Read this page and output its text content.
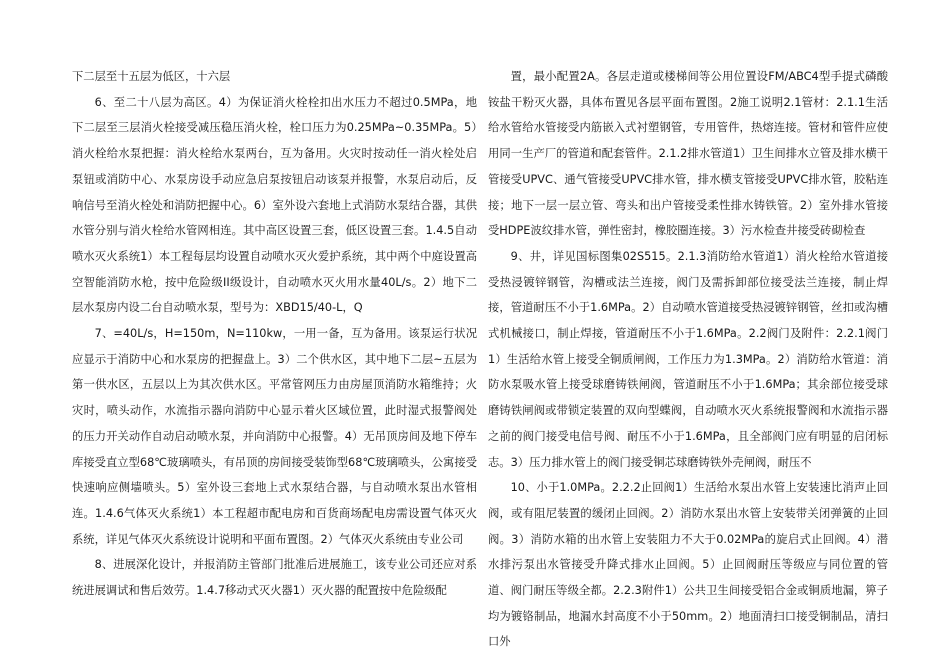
下二层至十五层为低区，十六层

6、至二十八层为高区。4）为保证消火栓栓扣出水压力不超过0.5MPa，地下二层至三层消火栓接受减压稳压消火栓，栓口压力为0.25MPa~0.35MPa。5）消火栓给水泵把握：消火栓给水泵两台，互为备用。火灾时按动任一消火栓处启泵钮或消防中心、水泵房设手动应急启泵按钮启动该泵并报警，水泵启动后，反响信号至消火栓处和消防把握中心。6）室外设六套地上式消防水泵结合器，其供水管分别与消火栓给水管网相连。其中高区设置三套，低区设置三套。1.4.5自动喷水灭火系统1）本工程每层均设置自动喷水灭火爱护系统，其中两个中庭设置高空智能消防水枪，按中危险级II级设计，自动喷水灭火用水量40L/s。2）地下二层水泵房内设二台自动喷水泵，型号为：XBD15/40-L，Q

7、=40L/s，H=150m，N=110kw，一用一备，互为备用。该泵运行状况应显示于消防中心和水泵房的把握盘上。3）二个供水区，其中地下二层~五层为第一供水区，五层以上为其次供水区。平常管网压力由房屋顶消防水箱维持；火灾时，喷头动作，水流指示器向消防中心显示着火区域位置，此时湿式报警阀处的压力开关动作自动启动喷水泵，并向消防中心报警。4）无吊顶房间及地下停车库接受直立型68℃玻璃喷头，有吊顶的房间接受装饰型68℃玻璃喷头，公寓接受快速响应侧墙喷头。5）室外设三套地上式水泵结合器，与自动喷水泵出水管相连。1.4.6气体灭火系统1）本工程超市配电房和百货商场配电房需设置气体灭火系统，详见气体灭火系统设计说明和平面布置图。2）气体灭火系统由专业公司

8、进展深化设计，并报消防主管部门批准后进展施工，该专业公司还应对系统进展调试和售后效劳。1.4.7移动式灭火器1）灭火器的配置按中危险级配

置，最小配置2A。各层走道或楼梯间等公用位置设FM/ABC4型手提式磷酸铵盐干粉灭火器，具体布置见各层平面布置图。2施工说明2.1管材：2.1.1生活给水管给水管接受内筋嵌入式衬塑钢管，专用管件，热熔连接。管材和管件应使用同一生产厂的管道和配套管件。2.1.2排水管道1）卫生间排水立管及排水横干管接受UPVC、通气管接受UPVC排水管，排水横支管接受UPVC排水管，胶粘连接；地下一层一层立管、弯头和出户管接受柔性排水铸铁管。2）室外排水管接受HDPE波纹排水管，弹性密封，橡胶圈连接。3）污水检查井接受砖砌检查

9、井，详见国标图集02S515。2.1.3消防给水管道1）消火栓给水管道接受热浸镀锌钢管，沟槽或法兰连接，阀门及需拆卸部位接受法兰连接，制止焊接，管道耐压不小于1.6MPa。2）自动喷水管道接受热浸镀锌钢管，丝扣或沟槽式机械接口，制止焊接，管道耐压不小于1.6MPa。2.2阀门及附件：2.2.1阀门1）生活给水管上接受全铜质闸阀，工作压力为1.3MPa。2）消防给水管道：消防水泵吸水管上接受球磨铸铁闸阀，管道耐压不小于1.6MPa；其余部位接受球磨铸铁闸阀或带锁定装置的双向型蝶阀，自动喷水灭火系统报警阀和水流指示器之前的阀门接受电信号阀、耐压不小于1.6MPa，且全部阀门应有明显的启闭标志。3）压力排水管上的阀门接受铜芯球磨铸铁外壳闸阀，耐压不

10、小于1.0MPa。2.2.2止回阀1）生活给水泵出水管上安装速比消声止回阀，或有阻尼装置的缓闭止回阀。2）消防水泵出水管上安装带关闭弹簧的止回阀。3）消防水箱的出水管上安装阻力不大于0.02MPa的旋启式止回阀。4）潜水排污泵出水管接受升降式排水止回阀。5）止回阀耐压等级应与同位置的管道、阀门耐压等级全都。2.2.3附件1）公共卫生间接受铝合金或铜质地漏，箅子均为镀铬制品，地漏水封高度不小于50mm。2）地面清扫口接受铜制品，清扫口外
